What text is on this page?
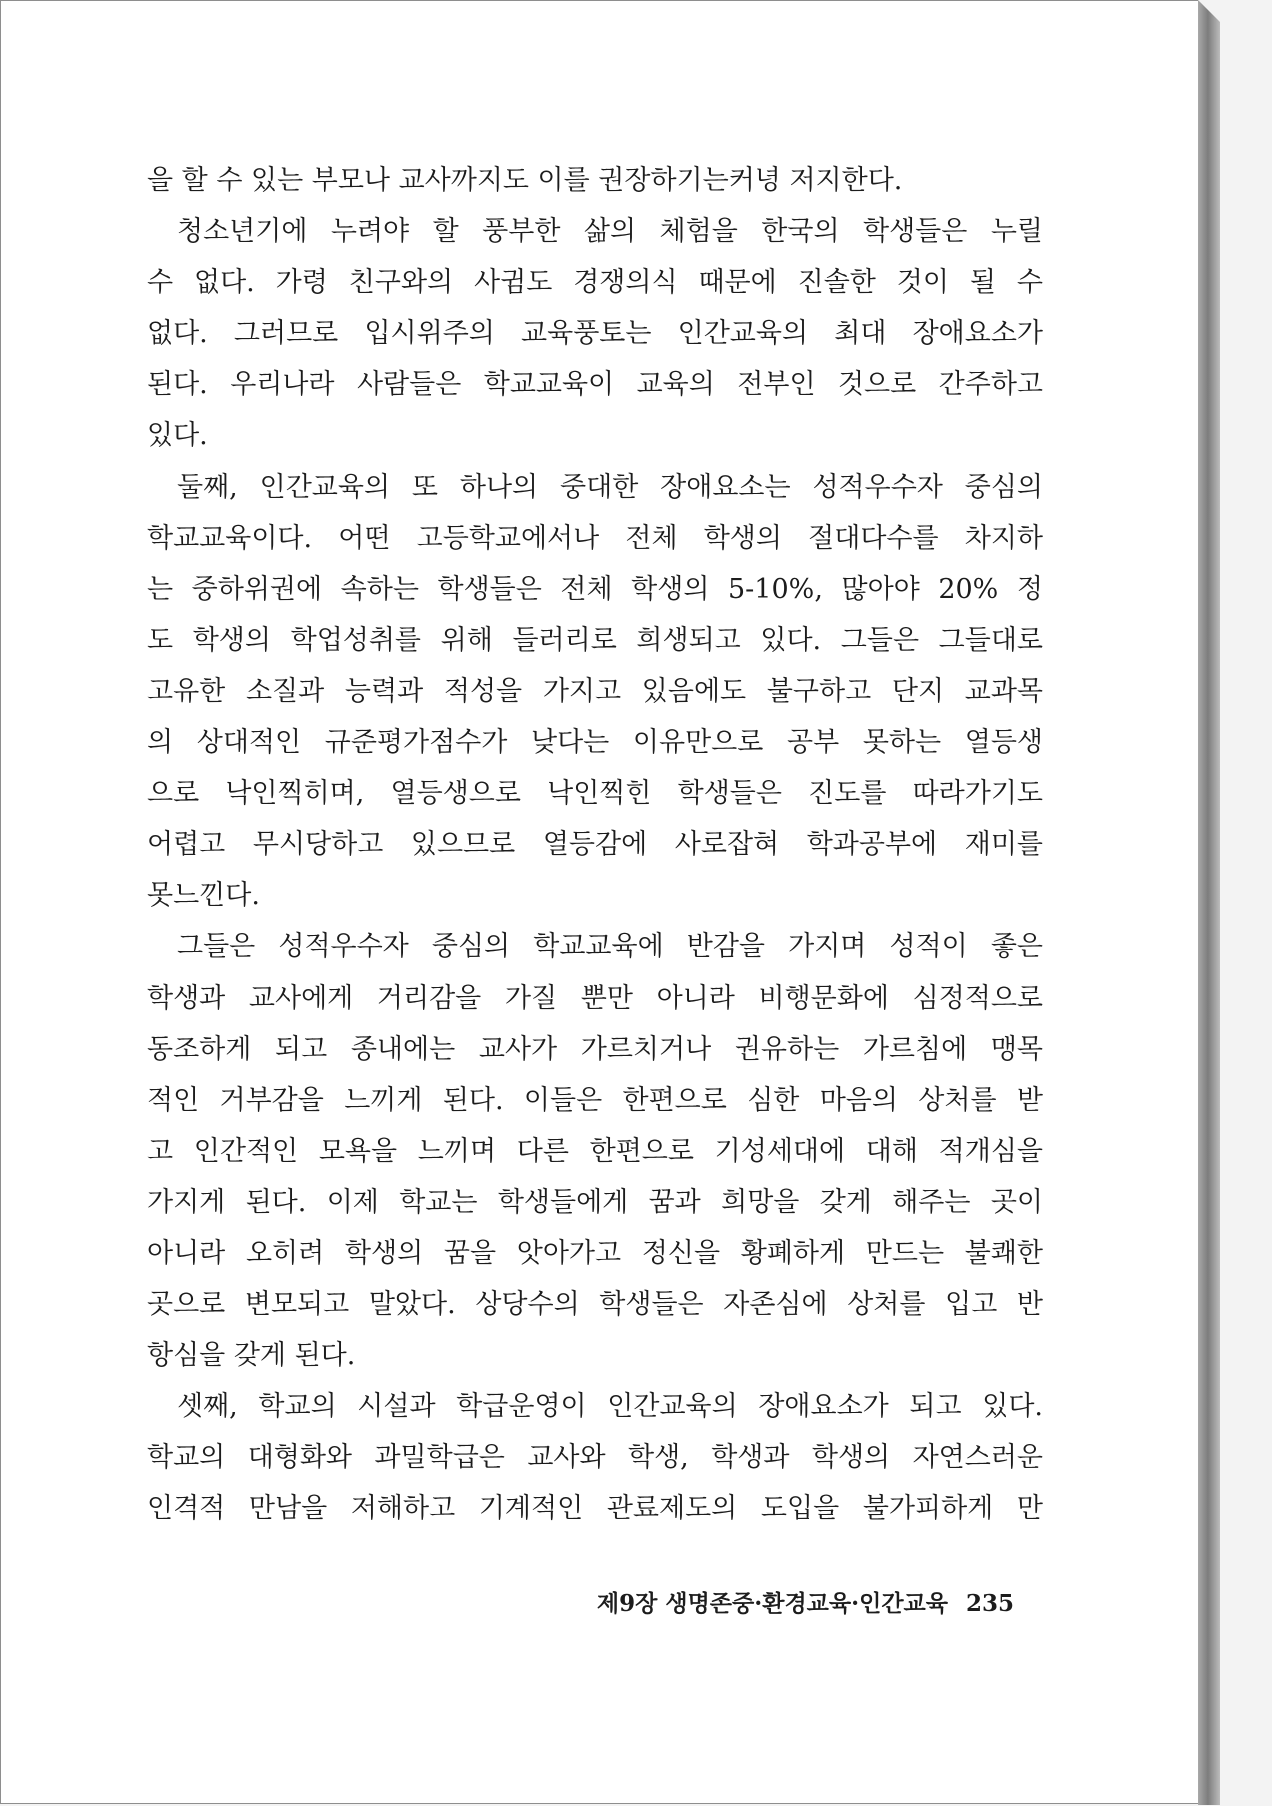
을 할 수 있는 부모나 교사까지도 이를 권장하기는커녕 저지한다.
청소년기에 누려야 할 풍부한 삶의 체험을 한국의 학생들은 누릴
수 없다. 가령 친구와의 사귐도 경쟁의식 때문에 진솔한 것이 될 수
없다. 그러므로 입시위주의 교육풍토는 인간교육의 최대 장애요소가
된다. 우리나라 사람들은 학교교육이 교육의 전부인 것으로 간주하고
있다.
둘째, 인간교육의 또 하나의 중대한 장애요소는 성적우수자 중심의
학교교육이다. 어떤 고등학교에서나 전체 학생의 절대다수를 차지하
는 중하위권에 속하는 학생들은 전체 학생의 5-10%, 많아야 20% 정
도 학생의 학업성취를 위해 들러리로 희생되고 있다. 그들은 그들대로
고유한 소질과 능력과 적성을 가지고 있음에도 불구하고 단지 교과목
의 상대적인 규준평가점수가 낮다는 이유만으로 공부 못하는 열등생
으로 낙인찍히며, 열등생으로 낙인찍힌 학생들은 진도를 따라가기도
어렵고 무시당하고 있으므로 열등감에 사로잡혀 학과공부에 재미를
못느낀다.
그들은 성적우수자 중심의 학교교육에 반감을 가지며 성적이 좋은
학생과 교사에게 거리감을 가질 뿐만 아니라 비행문화에 심정적으로
동조하게 되고 종내에는 교사가 가르치거나 권유하는 가르침에 맹목
적인 거부감을 느끼게 된다. 이들은 한편으로 심한 마음의 상처를 받
고 인간적인 모욕을 느끼며 다른 한편으로 기성세대에 대해 적개심을
가지게 된다. 이제 학교는 학생들에게 꿈과 희망을 갖게 해주는 곳이
아니라 오히려 학생의 꿈을 앗아가고 정신을 황폐하게 만드는 불쾌한
곳으로 변모되고 말았다. 상당수의 학생들은 자존심에 상처를 입고 반
항심을 갖게 된다.
셋째, 학교의 시설과 학급운영이 인간교육의 장애요소가 되고 있다.
학교의 대형화와 과밀학급은 교사와 학생, 학생과 학생의 자연스러운
인격적 만남을 저해하고 기계적인 관료제도의 도입을 불가피하게 만
제9장 생명존중·환경교육·인간교육 235
